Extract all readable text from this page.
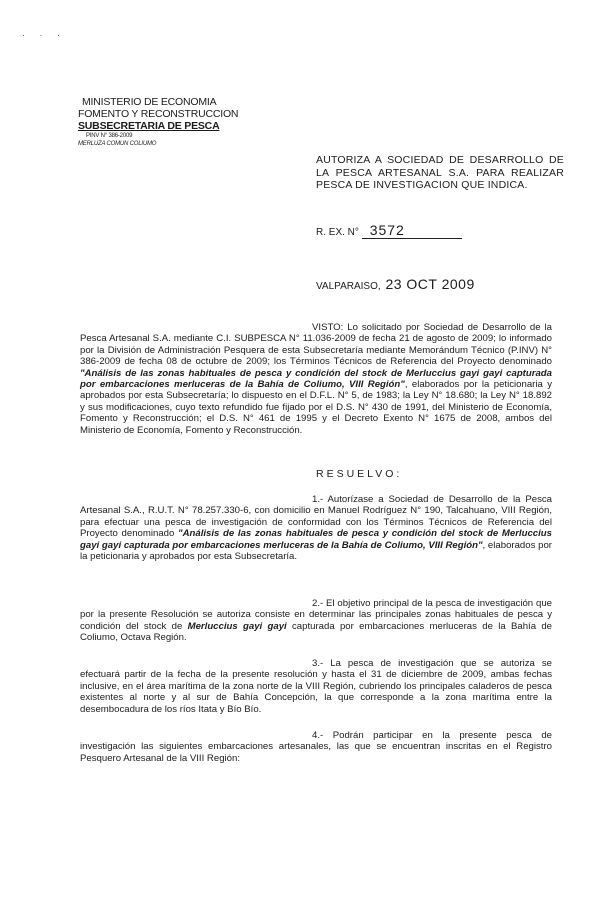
· · ·
MINISTERIO DE ECONOMIA
FOMENTO Y RECONSTRUCCION
SUBSECRETARIA DE PESCA
PINV N° 386-2009
MERLUZA COMUN COLIUMO
AUTORIZA A SOCIEDAD DE DESARROLLO DE LA PESCA ARTESANAL S.A. PARA REALIZAR PESCA DE INVESTIGACION QUE INDICA.
R. EX. N° 3572
VALPARAISO, 23 OCT 2009
VISTO: Lo solicitado por Sociedad de Desarrollo de la Pesca Artesanal S.A. mediante C.I. SUBPESCA N° 11.036-2009 de fecha 21 de agosto de 2009; lo informado por la División de Administración Pesquera de esta Subsecretaría mediante Memorándum Técnico (P.INV) N° 386-2009 de fecha 08 de octubre de 2009; los Términos Técnicos de Referencia del Proyecto denominado "Análisis de las zonas habituales de pesca y condición del stock de Merluccius gayi gayi capturada por embarcaciones merluceras de la Bahía de Coliumo, VIII Región", elaborados por la peticionaria y aprobados por esta Subsecretaría; lo dispuesto en el D.F.L. N° 5, de 1983; la Ley N° 18.680; la Ley N° 18.892 y sus modificaciones, cuyo texto refundido fue fijado por el D.S. N° 430 de 1991, del Ministerio de Economía, Fomento y Reconstrucción; el D.S. N° 461 de 1995 y el Decreto Exento N° 1675 de 2008, ambos del Ministerio de Economía, Fomento y Reconstrucción.
RESUELVO:
1.- Autorízase a Sociedad de Desarrollo de la Pesca Artesanal S.A., R.U.T. N° 78.257.330-6, con domicilio en Manuel Rodríguez N° 190, Talcahuano, VIII Región, para efectuar una pesca de investigación de conformidad con los Términos Técnicos de Referencia del Proyecto denominado "Análisis de las zonas habituales de pesca y condición del stock de Merluccius gayi gayi capturada por embarcaciones merluceras de la Bahía de Coliumo, VIII Región", elaborados por la peticionaria y aprobados por esta Subsecretaría.
2.- El objetivo principal de la pesca de investigación que por la presente Resolución se autoriza consiste en determinar las principales zonas habituales de pesca y condición del stock de Merluccius gayi gayi capturada por embarcaciones merluceras de la Bahía de Coliumo, Octava Región.
3.- La pesca de investigación que se autoriza se efectuará partir de la fecha de la presente resolución y hasta el 31 de diciembre de 2009, ambas fechas inclusive, en el área marítima de la zona norte de la VIII Región, cubriendo los principales caladeros de pesca existentes al norte y al sur de Bahía Concepción, la que corresponde a la zona marítima entre la desembocadura de los ríos Itata y Bío Bío.
4.- Podrán participar en la presente pesca de investigación las siguientes embarcaciones artesanales, las que se encuentran inscritas en el Registro Pesquero Artesanal de la VIII Región:
